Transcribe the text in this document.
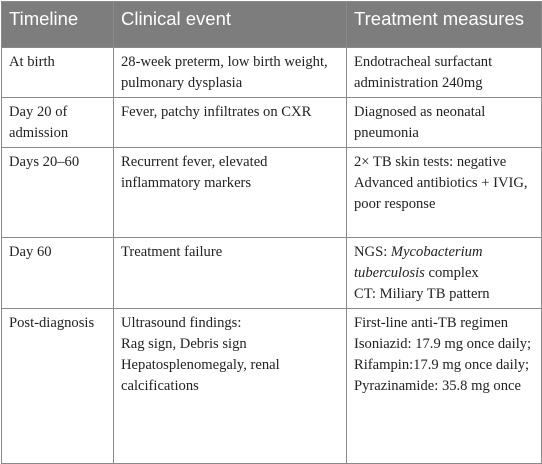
Timeline	Clinical event	Treatment measures
At birth	28-week preterm, low birth weight, pulmonary dysplasia	Endotracheal surfactant administration 240mg

Day 20 of admission	Fever, patchy infiltrates on CXR	Diagnosed as neonatal pneumonia

Days 20–60	Recurrent fever, elevated inflammatory markers	2× TB skin tests: negative
Advanced antibiotics + IVIG, poor response

Day 60	Treatment failure	NGS: Mycobacterium tuberculosis complex
CT: Miliary TB pattern

Post-diagnosis	Ultrasound findings:
Rag sign, Debris sign
Hepatosplenomegaly, renal calcifications	First-line anti-TB regimen
Isoniazid: 17.9 mg once daily;
Rifampin:17.9 mg once daily;
Pyrazinamide: 35.8 mg once
